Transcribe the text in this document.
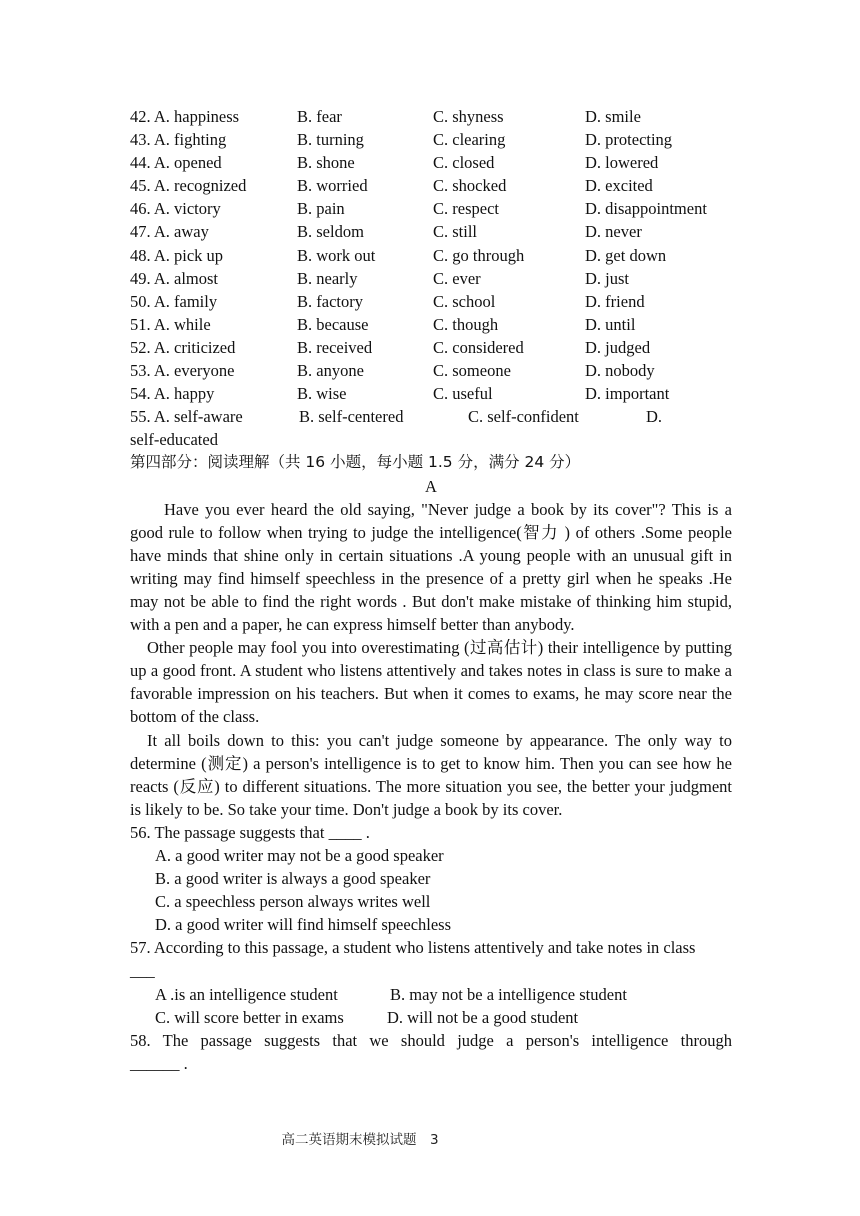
42. A. happiness	B. fear	C. shyness	D. smile
43. A. fighting	B. turning	C. clearing	D. protecting
44. A. opened	B. shone	C. closed	D. lowered
45. A. recognized	B. worried	C. shocked	D. excited
46. A. victory	B. pain	C. respect	D. disappointment
47. A. away	B. seldom	C. still	D. never
48. A. pick up	B. work out	C. go through	D. get down
49. A. almost	B. nearly	C. ever	D. just
50. A. family	B. factory	C. school	D. friend
51. A. while	B. because	C. though	D. until
52. A. criticized	B. received	C. considered	D. judged
53. A. everyone	B. anyone	C. someone	D. nobody
54. A. happy	B. wise	C. useful	D. important
55. A. self-aware	B. self-centered	C. self-confident	D.
self-educated
第四部分：阅读理解（共 16 小题，每小题 1.5 分，满分 24 分）
A

Have you ever heard the old saying, "Never judge a book by its cover"? This is a good rule to follow when trying to judge the intelligence(智力 ) of others .Some people have minds that shine only in certain situations .A young people with an unusual gift in writing may find himself speechless in the presence of a pretty girl when he speaks .He may not be able to find the right words . But don't make mistake of thinking him stupid, with a pen and a paper, he can express himself better than anybody.

Other people may fool you into overestimating (过高估计) their intelligence by putting up a good front. A student who listens attentively and takes notes in class is sure to make a favorable impression on his teachers. But when it comes to exams, he may score near the bottom of the class.

It all boils down to this: you can't judge someone by appearance. The only way to determine (测定) a person's intelligence is to get to know him. Then you can see how he reacts (反应) to different situations. The more situation you see, the better your judgment is likely to be. So take your time. Don't judge a book by its cover.

56. The passage suggests that ____ .
A. a good writer may not be a good speaker
B. a good writer is always a good speaker
C. a speechless person always writes well
D. a good writer will find himself speechless
57. According to this passage, a student who listens attentively and take notes in class
___
A .is an intelligence student	B. may not be a intelligence student
C. will score better in exams	D. will not be a good student

58. The passage suggests that we should judge a person's intelligence through

______ .
高二英语期末模拟试题　3
